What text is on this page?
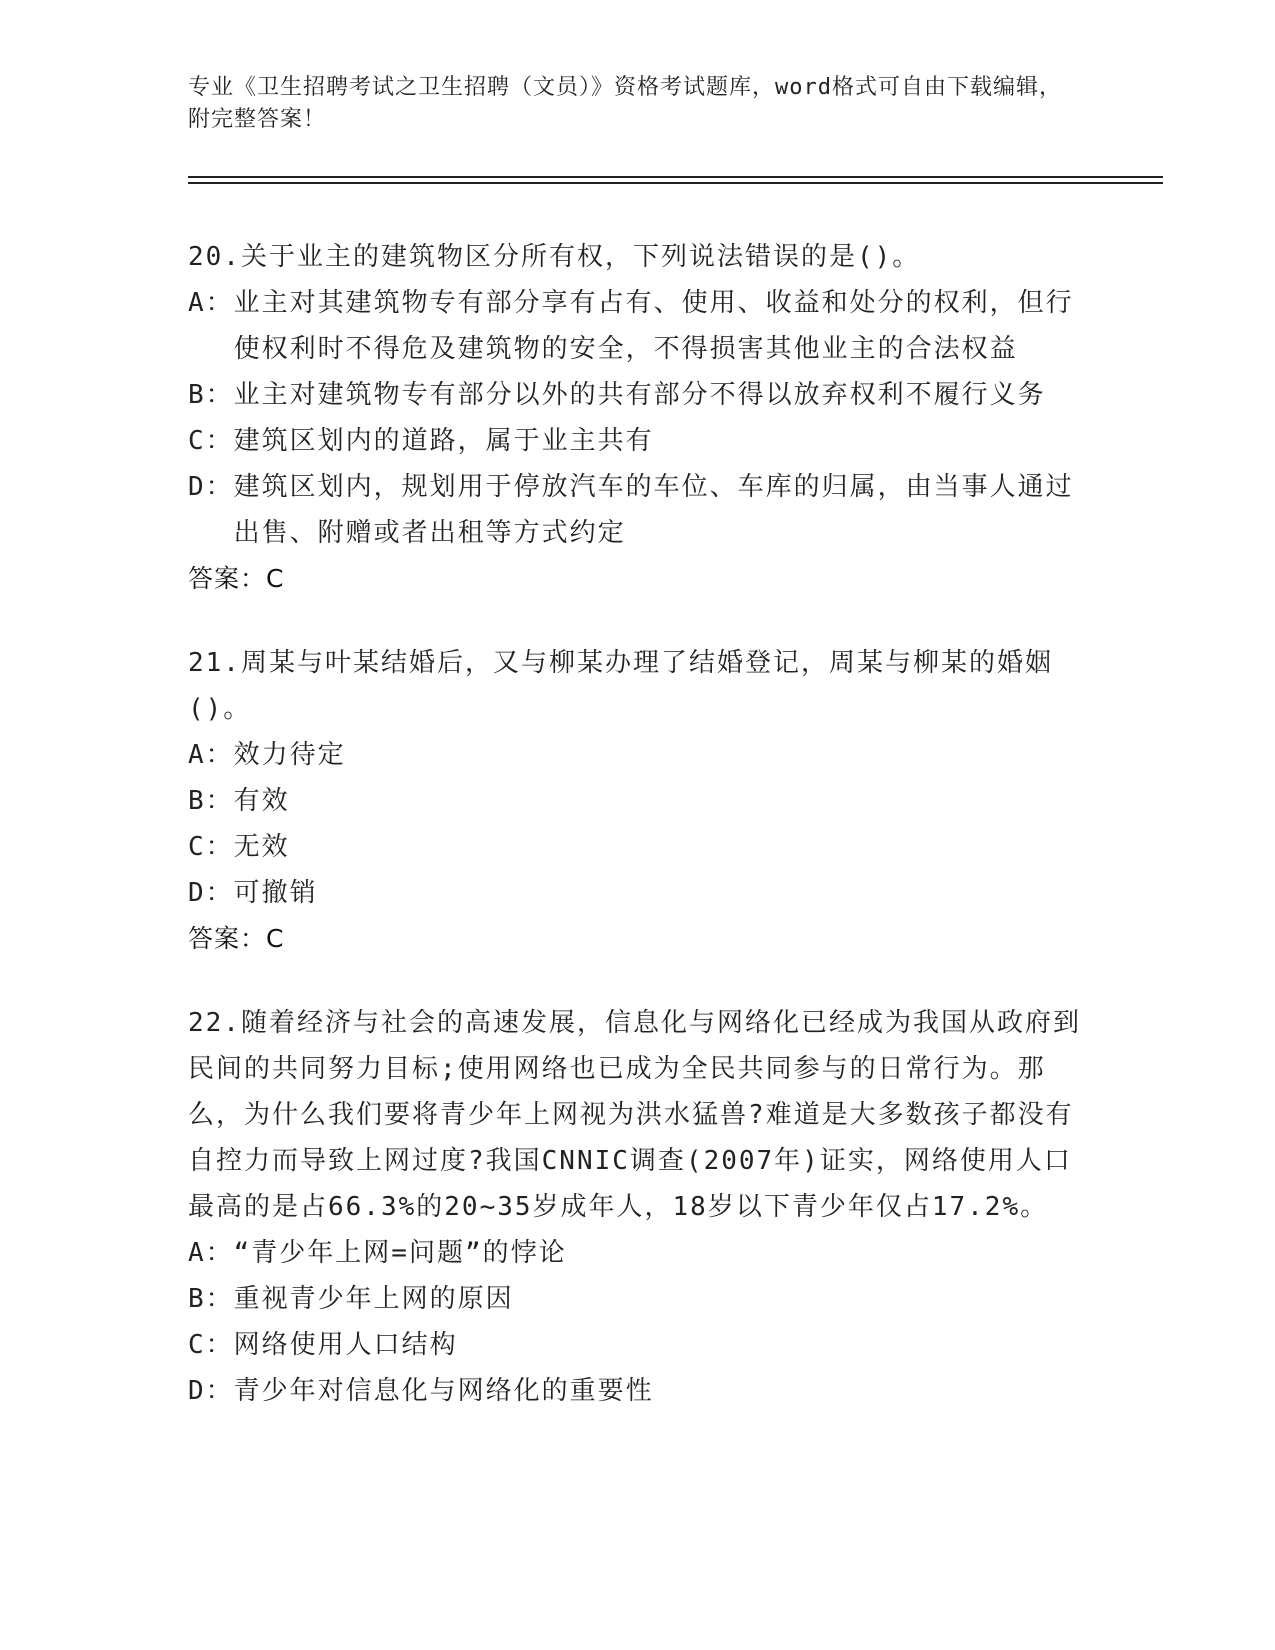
专业《卫生招聘考试之卫生招聘（文员）》资格考试题库，word格式可自由下载编辑，附完整答案！
20.关于业主的建筑物区分所有权，下列说法错误的是()。
A： 业主对其建筑物专有部分享有占有、使用、收益和处分的权利，但行使权利时不得危及建筑物的安全，不得损害其他业主的合法权益
B： 业主对建筑物专有部分以外的共有部分不得以放弃权利不履行义务
C： 建筑区划内的道路，属于业主共有
D： 建筑区划内，规划用于停放汽车的车位、车库的归属，由当事人通过出售、附赠或者出租等方式约定
答案：C
21.周某与叶某结婚后，又与柳某办理了结婚登记，周某与柳某的婚姻()。
A： 效力待定
B： 有效
C： 无效
D： 可撤销
答案：C
22.随着经济与社会的高速发展，信息化与网络化已经成为我国从政府到民间的共同努力目标;使用网络也已成为全民共同参与的日常行为。那么，为什么我们要将青少年上网视为洪水猛兽?难道是大多数孩子都没有自控力而导致上网过度?我国CNNIC调查(2007年)证实，网络使用人口最高的是占66.3%的20~35岁成年人，18岁以下青少年仅占17.2%。
A： “青少年上网=问题”的悖论
B： 重视青少年上网的原因
C： 网络使用人口结构
D： 青少年对信息化与网络化的重要性
